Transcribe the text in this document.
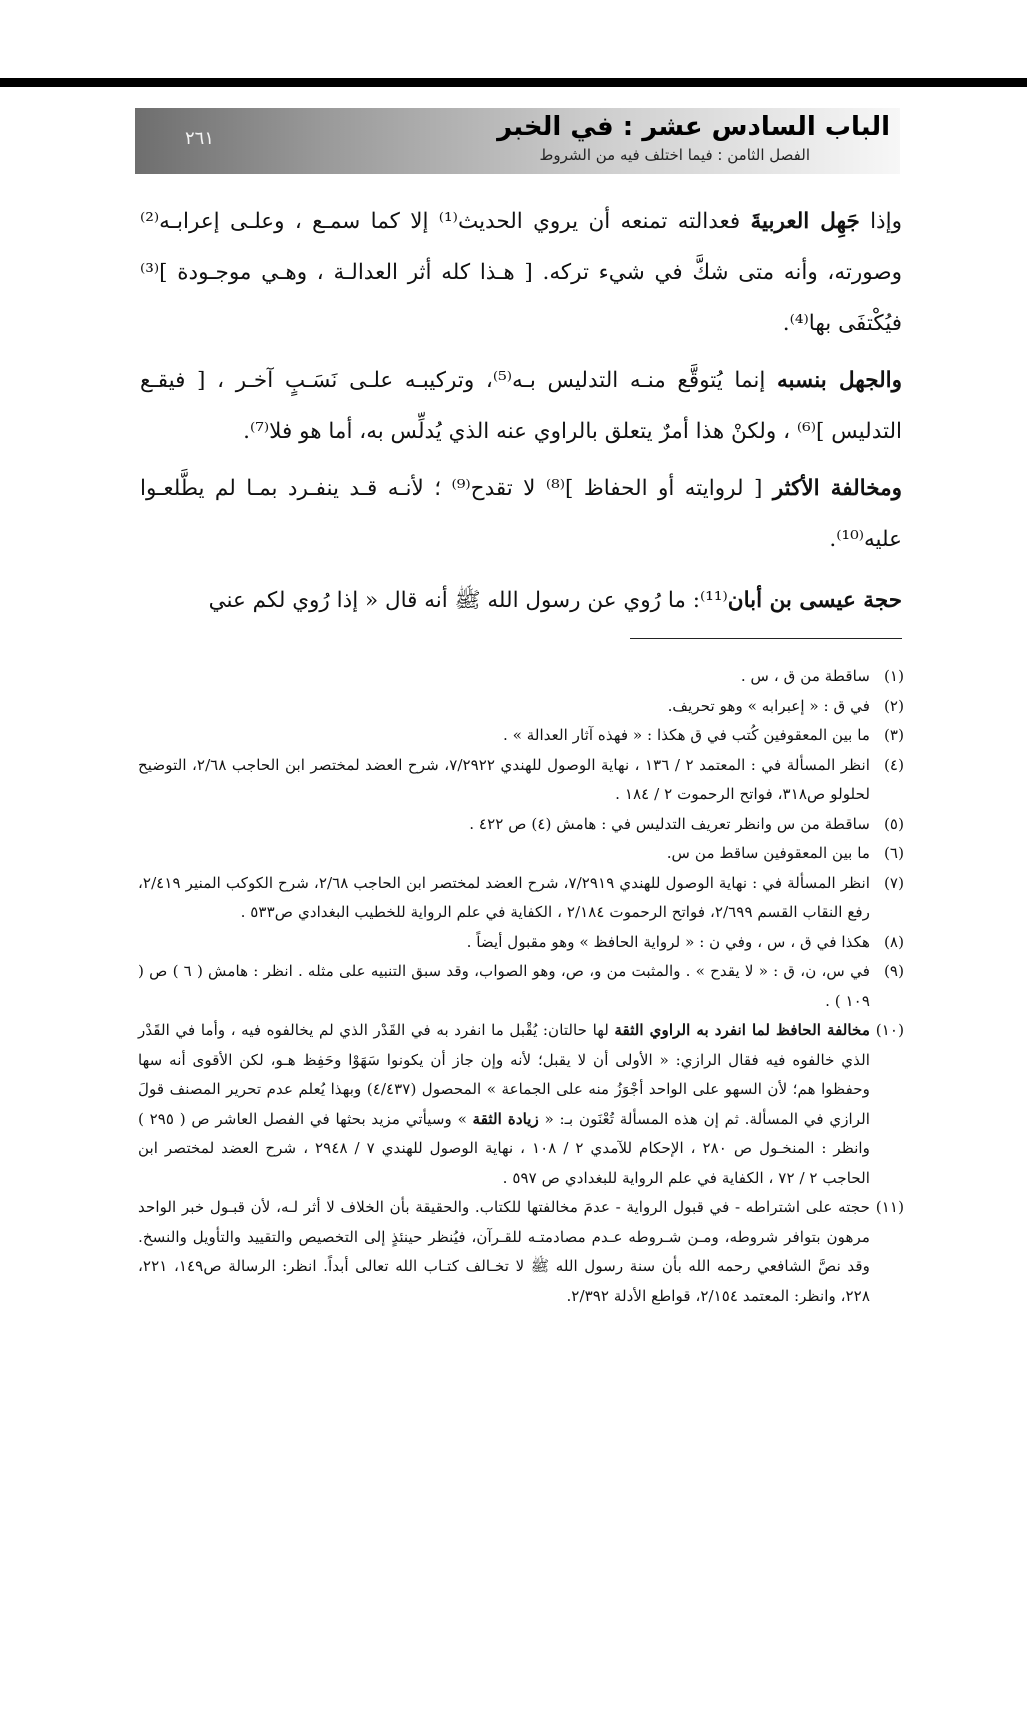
الباب السادس عشر : في الخبر
الفصل الثامن : فيما اختلف فيه من الشروط
٢٦١

وإذا جَهِل العربيةَ فعدالته تمنعه أن يروي الحديث⁽¹⁾ إلا كما سمـع ، وعلـى إعرابـه⁽²⁾ وصورته، وأنه متى شكَّ في شيء تركه. [ هـذا كله أثر العدالـة ، وهـي موجـودة ]⁽³⁾ فيُكْتفَى بها⁽⁴⁾.

والجهل بنسبه إنما يُتوقَّع منـه التدليس بـه⁽⁵⁾، وتركيبـه علـى نَسَـبٍ آخـر ، [ فيقـع التدليس ]⁽⁶⁾ ، ولكنْ هذا أمرٌ يتعلق بالراوي عنه الذي يُدلِّس به، أما هو فلا⁽⁷⁾.

ومخالفة الأكثر [ لروايته أو الحفاظ ]⁽⁸⁾ لا تقدح⁽⁹⁾ ؛ لأنـه قـد ينفـرد بمـا لم يطَّلعـوا عليه⁽¹⁰⁾.

حجة عيسى بن أبان⁽¹¹⁾: ما رُوي عن رسول الله ﷺ أنه قال « إذا رُوي لكم عني

(١)
ساقطة من ق ، س .
(٢)
في ق : « إعبرابه » وهو تحريف.
(٣)
ما بين المعقوفين كُتب في ق هكذا : « فهذه آثار العدالة » .
(٤)
انظر المسألة في : المعتمد ٢ / ١٣٦ ، نهاية الوصول للهندي ٧/٢٩٢٢، شرح العضد لمختصر ابن الحاجب ٢/٦٨، التوضيح لحلولو ص٣١٨، فواتح الرحموت ٢ / ١٨٤ .
(٥)
ساقطة من س وانظر تعريف التدليس في : هامش (٤) ص ٤٢٢ .
(٦)
ما بين المعقوفين ساقط من س.
(٧)
انظر المسألة في : نهاية الوصول للهندي ٧/٢٩١٩، شرح العضد لمختصر ابن الحاجب ٢/٦٨، شرح الكوكب المنير ٢/٤١٩، رفع النقاب القسم ٢/٦٩٩، فواتح الرحموت ٢/١٨٤ ، الكفاية في علم الرواية للخطيب البغدادي ص٥٣٣ .
(٨)
هكذا في ق ، س ، وفي ن : « لرواية الحافظ » وهو مقبول أيضاً .
(٩)
في س، ن، ق : « لا يقدح » . والمثبت من و، ص، وهو الصواب، وقد سبق التنبيه على مثله . انظر : هامش ( ٦ ) ص ( ١٠٩ ) .
(١٠)
مخالفة الحافظ لما انفرد به الراوي الثقة لها حالتان: يُقْبل ما انفرد به في القَدْر الذي لم يخالفوه فيه ، وأما في القَدْر الذي خالفوه فيه فقال الرازي: « الأولى أن لا يقبل؛ لأنه وإن جاز أن يكونوا سَهَوْا وحَفِظ هـو، لكن الأقوى أنه سها وحفظوا هم؛ لأن السهو على الواحد أجْوَزُ منه على الجماعة » المحصول (٤/٤٣٧) وبهذا يُعلم عدم تحرير المصنف قولَ الرازي في المسألة. ثم إن هذه المسألة تُعْنَون بـ: « زيادة الثقة » وسيأتي مزيد بحثها في الفصل العاشر ص ( ٢٩٥ ) وانظر : المنخـول ص ٢٨٠ ، الإحكام للآمدي ٢ / ١٠٨ ، نهاية الوصول للهندي ٧ / ٢٩٤٨ ، شرح العضد لمختصر ابن الحاجب ٢ / ٧٢ ، الكفاية في علم الرواية للبغدادي ص ٥٩٧ .
(١١)
حجته على اشتراطه - في قبول الرواية - عدمَ مخالفتها للكتاب. والحقيقة بأن الخلاف لا أثر لـه، لأن قبـول خبر الواحد مرهون بتوافر شروطه، ومـن شـروطه عـدم مصادمتـه للقـرآن، فيُنظر حينئذٍ إلى التخصيص والتقييد والتأويل والنسخ. وقد نصَّ الشافعي رحمه الله بأن سنة رسول الله ﷺ لا تخـالف كتـاب الله تعالى أبداً. انظر: الرسالة ص١٤٩، ٢٢١، ٢٢٨، وانظر: المعتمد ٢/١٥٤، قواطع الأدلة ٢/٣٩٢.
